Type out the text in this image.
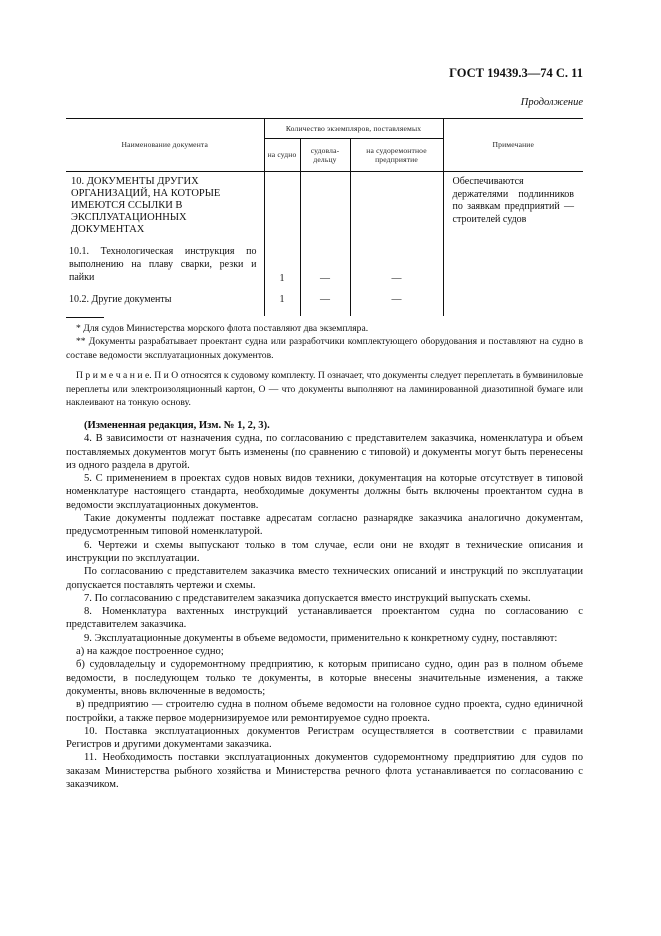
ГОСТ 19439.3—74 С. 11
Продолжение
Наименование документа	Количество экземпляров, поставляемых			Примечание
	на судно	судовла-дельцу	на судоремонтное предприятие	

10. ДОКУМЕНТЫ ДРУГИХ ОРГАНИЗАЦИЙ, НА КОТОРЫЕ ИМЕЮТСЯ ССЫЛКИ В ЭКСПЛУАТАЦИОННЫХ ДОКУМЕНТАХ				Обеспечиваются держателями подлинников по заявкам предприятий — строителей судов

10.1. Технологическая инструкция по выполнению на плаву сварки, резки и пайки	1	—	—	

10.2. Другие документы	1	—	—	
* Для судов Министерства морского флота поставляют два экземпляра.
** Документы разрабатывает проектант судна или разработчики комплектующего оборудования и поставляют на судно в составе ведомости эксплуатационных документов.
П р и м е ч а н и е. П и О относятся к судовому комплекту. П означает, что документы следует переплетать в бумвиниловые переплеты или электроизоляционный картон, О — что документы выполняют на ламинированной диазотипной бумаге или наклеивают на тонкую основу.

(Измененная редакция, Изм. № 1, 2, 3).

4. В зависимости от назначения судна, по согласованию с представителем заказчика, номенклатура и объем поставляемых документов могут быть изменены (по сравнению с типовой) и документы могут быть перенесены из одного раздела в другой.

5. С применением в проектах судов новых видов техники, документация на которые отсутствует в типовой номенклатуре настоящего стандарта, необходимые документы должны быть включены проектантом судна в ведомости эксплуатационных документов.

Такие документы подлежат поставке адресатам согласно разнарядке заказчика аналогично документам, предусмотренным типовой номенклатурой.

6. Чертежи и схемы выпускают только в том случае, если они не входят в технические описания и инструкции по эксплуатации.

По согласованию с представителем заказчика вместо технических описаний и инструкций по эксплуатации допускается поставлять чертежи и схемы.

7. По согласованию с представителем заказчика допускается вместо инструкций выпускать схемы.

8. Номенклатура вахтенных инструкций устанавливается проектантом судна по согласованию с представителем заказчика.

9. Эксплуатационные документы в объеме ведомости, применительно к конкретному судну, поставляют:

а) на каждое построенное судно;

б) судовладельцу и судоремонтному предприятию, к которым приписано судно, один раз в полном объеме ведомости, в последующем только те документы, в которые внесены значительные изменения, а также документы, вновь включенные в ведомость;

в) предприятию — строителю судна в полном объеме ведомости на головное судно проекта, судно единичной постройки, а также первое модернизируемое или ремонтируемое судно проекта.

10. Поставка эксплуатационных документов Регистрам осуществляется в соответствии с правилами Регистров и другими документами заказчика.

11. Необходимость поставки эксплуатационных документов судоремонтному предприятию для судов по заказам Министерства рыбного хозяйства и Министерства речного флота устанавливается по согласованию с заказчиком.
